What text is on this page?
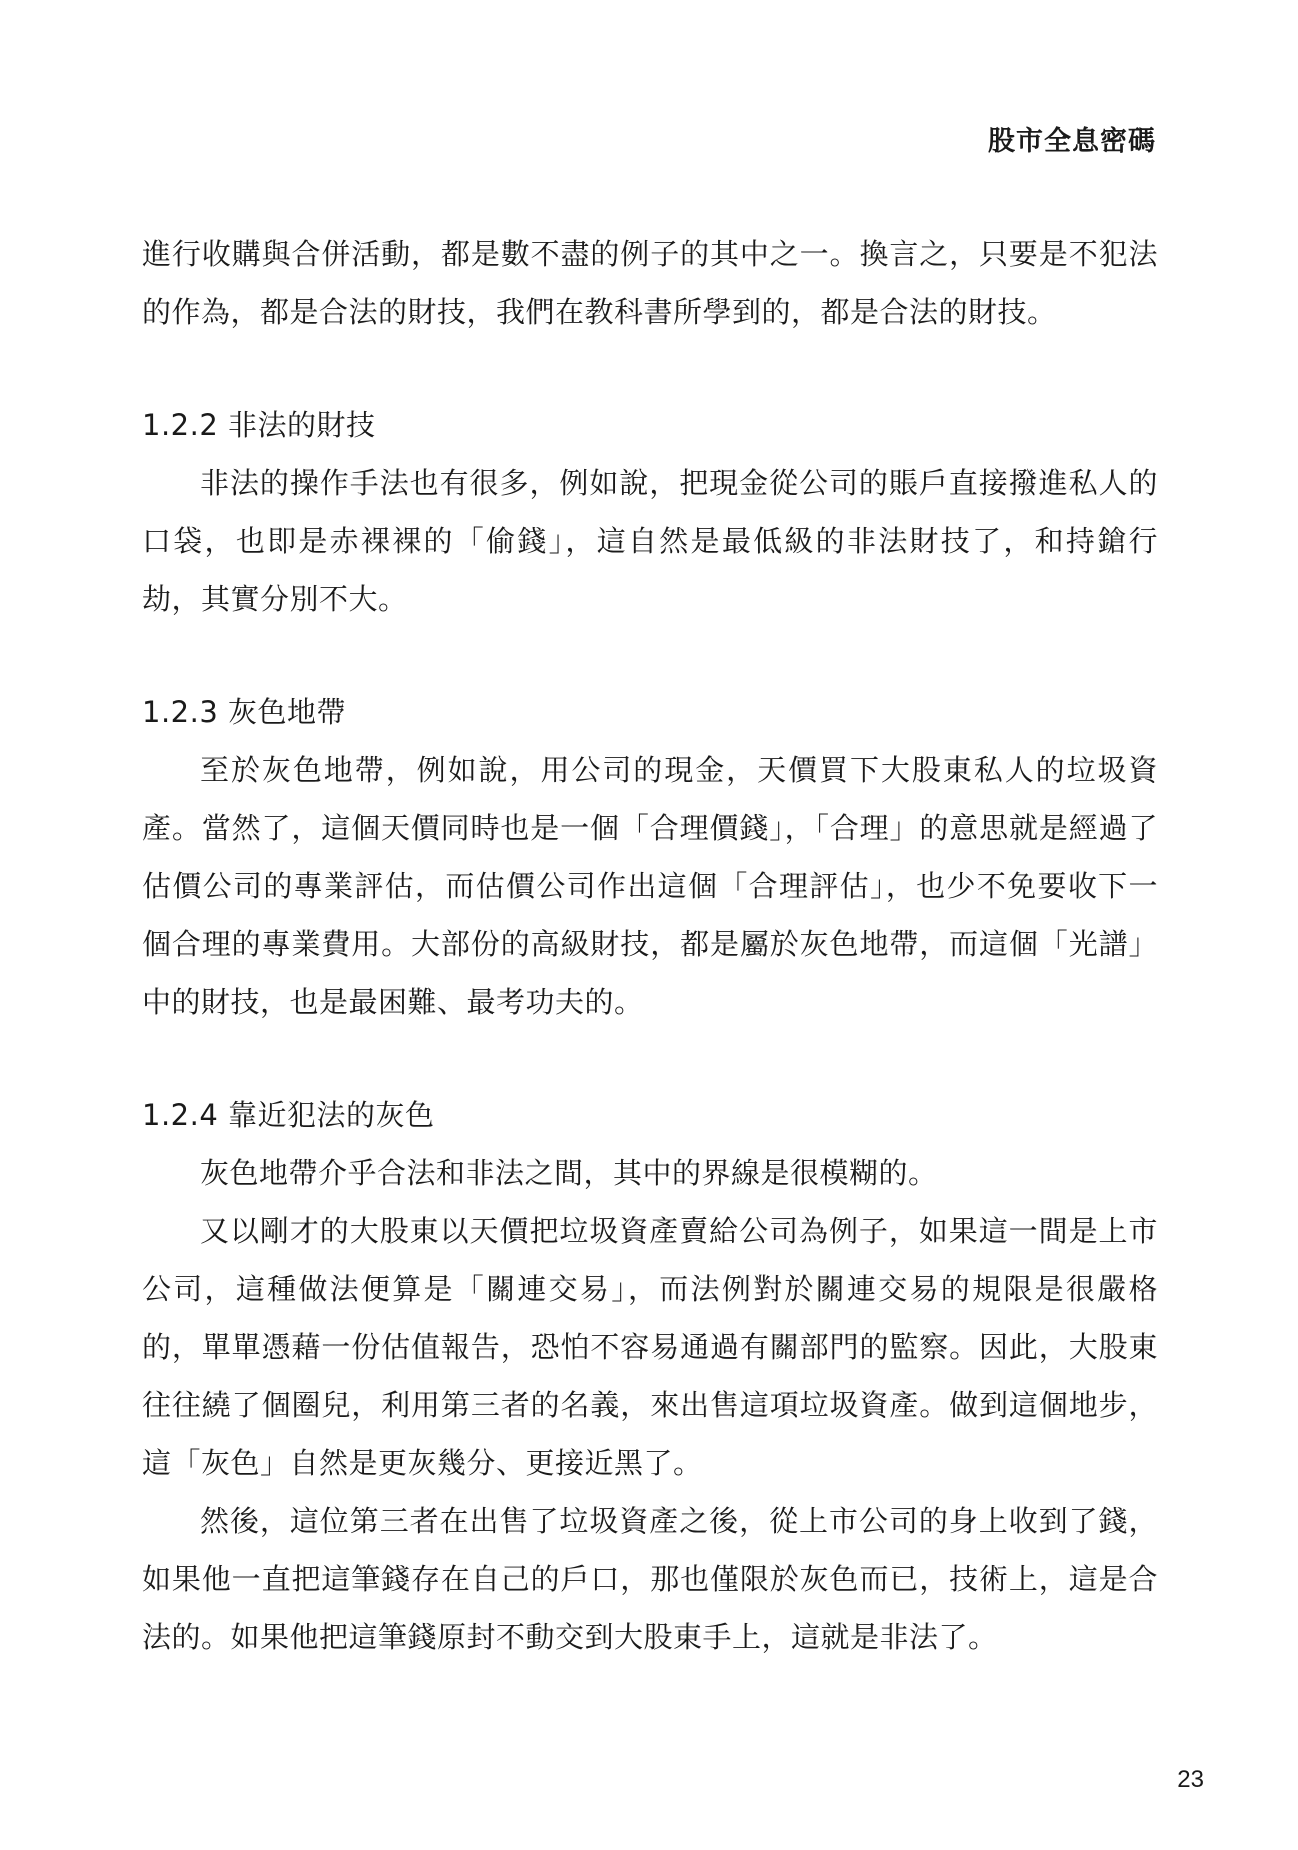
股市全息密碼

進行收購與合併活動，都是數不盡的例子的其中之一。換言之，只要是不犯法的作為，都是合法的財技，我們在教科書所學到的，都是合法的財技。

1.2.2 非法的財技

非法的操作手法也有很多，例如說，把現金從公司的賬戶直接撥進私人的口袋，也即是赤裸裸的「偷錢」，這自然是最低級的非法財技了，和持鎗行劫，其實分別不大。

1.2.3 灰色地帶

至於灰色地帶，例如說，用公司的現金，天價買下大股東私人的垃圾資產。當然了，這個天價同時也是一個「合理價錢」，「合理」的意思就是經過了估價公司的專業評估，而估價公司作出這個「合理評估」，也少不免要收下一個合理的專業費用。大部份的高級財技，都是屬於灰色地帶，而這個「光譜」中的財技，也是最困難、最考功夫的。

1.2.4 靠近犯法的灰色

灰色地帶介乎合法和非法之間，其中的界線是很模糊的。

又以剛才的大股東以天價把垃圾資產賣給公司為例子，如果這一間是上市公司，這種做法便算是「關連交易」，而法例對於關連交易的規限是很嚴格的，單單憑藉一份估值報告，恐怕不容易通過有關部門的監察。因此，大股東往往繞了個圈兒，利用第三者的名義，來出售這項垃圾資產。做到這個地步，這「灰色」自然是更灰幾分、更接近黑了。

然後，這位第三者在出售了垃圾資產之後，從上市公司的身上收到了錢，如果他一直把這筆錢存在自己的戶口，那也僅限於灰色而已，技術上，這是合法的。如果他把這筆錢原封不動交到大股東手上，這就是非法了。

23
